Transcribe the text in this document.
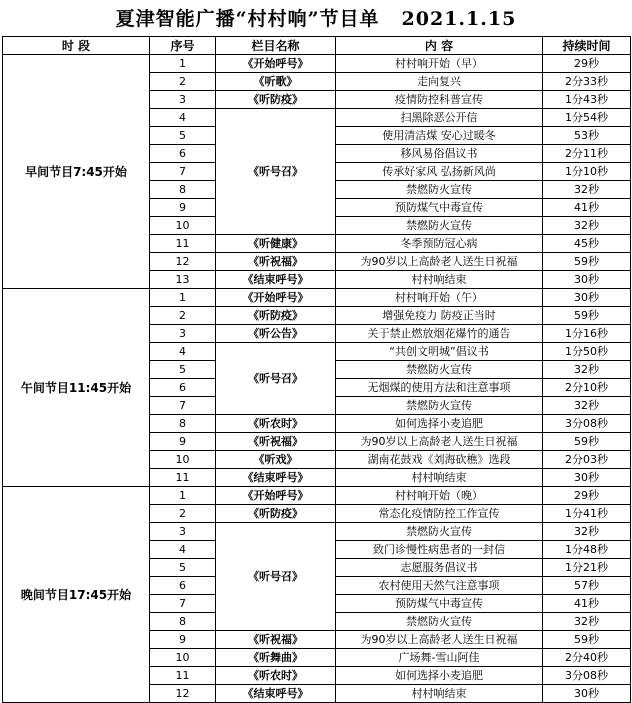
夏津智能广播“村村响”节目单 2021.1.15
时 段	序号	栏目名称	内 容	持续时间
早间节目7:45开始	1	《开始呼号》	村村响开始（早）	29秒
	2	《听歌》	走向复兴	2分33秒
	3	《听防疫》	疫情防控科普宣传	1分43秒
	4	《听号召》	扫黑除恶公开信	1分54秒
	5		使用清洁煤 安心过暖冬	53秒
	6		移风易俗倡议书	2分11秒
	7		传承好家风 弘扬新风尚	1分10秒
	8		禁燃防火宣传	32秒
	9		预防煤气中毒宣传	41秒
	10		禁燃防火宣传	32秒
	11	《听健康》	冬季预防冠心病	45秒
	12	《听祝福》	为90岁以上高龄老人送生日祝福	59秒
	13	《结束呼号》	村村响结束	30秒
午间节目11:45开始	1	《开始呼号》	村村响开始（午）	30秒
	2	《听防疫》	增强免疫力 防疫正当时	59秒
	3	《听公告》	关于禁止燃放烟花爆竹的通告	1分16秒
	4	《听号召》	“共创文明城”倡议书	1分50秒
	5		禁燃防火宣传	32秒
	6		无烟煤的使用方法和注意事项	2分10秒
	7		禁燃防火宣传	32秒
	8	《听农时》	如何选择小麦追肥	3分08秒
	9	《听祝福》	为90岁以上高龄老人送生日祝福	59秒
	10	《听戏》	湖南花鼓戏《刘海砍樵》选段	2分03秒
	11	《结束呼号》	村村响结束	30秒
晚间节目17:45开始	1	《开始呼号》	村村响开始（晚）	29秒
	2	《听防疫》	常态化疫情防控工作宣传	1分41秒
	3	《听号召》	禁燃防火宣传	32秒
	4		致门诊慢性病患者的一封信	1分48秒
	5		志愿服务倡议书	1分21秒
	6		农村使用天然气注意事项	57秒
	7		预防煤气中毒宣传	41秒
	8		禁燃防火宣传	32秒
	9	《听祝福》	为90岁以上高龄老人送生日祝福	59秒
	10	《听舞曲》	广场舞-雪山阿佳	2分40秒
	11	《听农时》	如何选择小麦追肥	3分08秒
	12	《结束呼号》	村村响结束	30秒
